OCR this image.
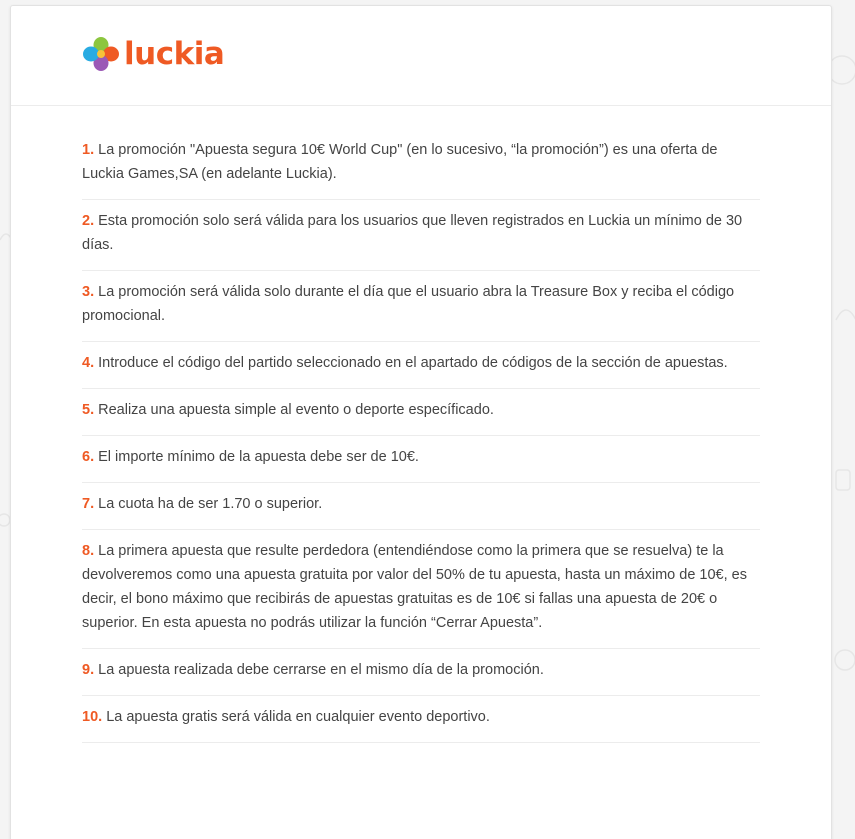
luckia
1. La promoción "Apuesta segura 10€ World Cup" (en lo sucesivo, “la promoción”) es una oferta de Luckia Games,SA (en adelante Luckia).
2. Esta promoción solo será válida para los usuarios que lleven registrados en Luckia un mínimo de 30 días.
3. La promoción será válida solo durante el día que el usuario abra la Treasure Box y reciba el código promocional.
4. Introduce el código del partido seleccionado en el apartado de códigos de la sección de apuestas.
5. Realiza una apuesta simple al evento o deporte específicado.
6. El importe mínimo de la apuesta debe ser de 10€.
7. La cuota ha de ser 1.70 o superior.
8. La primera apuesta que resulte perdedora (entendiéndose como la primera que se resuelva) te la devolveremos como una apuesta gratuita por valor del 50% de tu apuesta, hasta un máximo de 10€, es decir, el bono máximo que recibirás de apuestas gratuitas es de 10€ si fallas una apuesta de 20€ o superior. En esta apuesta no podrás utilizar la función “Cerrar Apuesta”.
9. La apuesta realizada debe cerrarse en el mismo día de la promoción.
10. La apuesta gratis será válida en cualquier evento deportivo.
